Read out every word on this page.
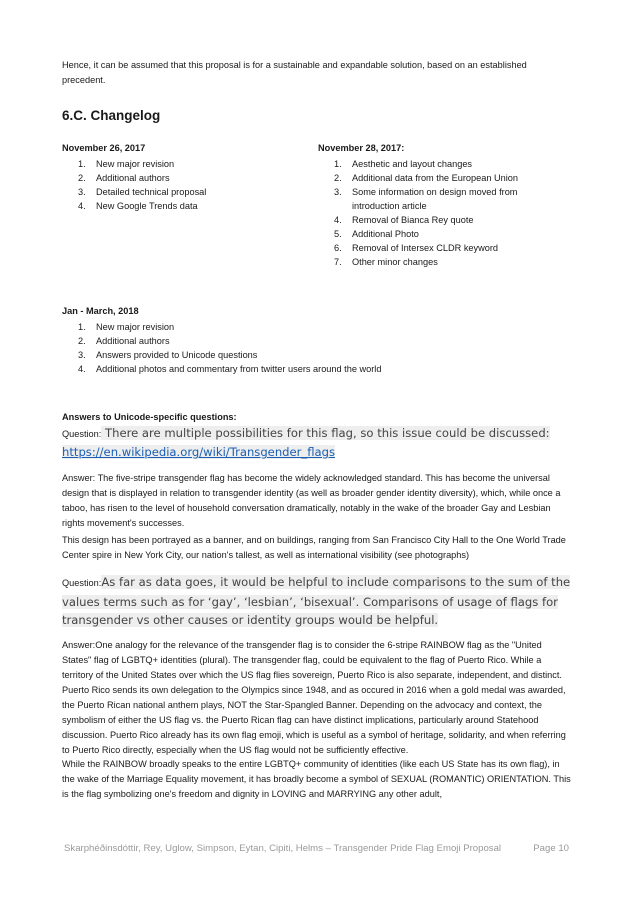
Hence, it can be assumed that this proposal is for a sustainable and expandable solution, based on an established precedent.

6.C. Changelog

November 26, 2017

1. New major revision
2. Additional authors
3. Detailed technical proposal
4. New Google Trends data

November 28, 2017:

1. Aesthetic and layout changes
2. Additional data from the European Union
3. Some information on design moved from introduction article
4. Removal of Bianca Rey quote
5. Additional Photo
6. Removal of Intersex CLDR keyword
7. Other minor changes

Jan - March, 2018

1. New major revision
2. Additional authors
3. Answers provided to Unicode questions
4. Additional photos and commentary from twitter users around the world

Answers to Unicode-specific questions:

Question: There are multiple possibilities for this flag, so this issue could be discussed: https://en.wikipedia.org/wiki/Transgender_flags

Answer: The five-stripe transgender flag has become the widely acknowledged standard. This has become the universal design that is displayed in relation to transgender identity (as well as broader gender identity diversity), which, while once a taboo, has risen to the level of household conversation dramatically, notably in the wake of the broader Gay and Lesbian rights movement's successes.

This design has been portrayed as a banner, and on buildings, ranging from San Francisco City Hall to the One World Trade Center spire in New York City, our nation's tallest, as well as international visibility (see photographs)

Question:As far as data goes, it would be helpful to include comparisons to the sum of the values terms such as for ‘gay’, ‘lesbian’, ‘bisexual’. Comparisons of usage of flags for transgender vs other causes or identity groups would be helpful.

Answer:One analogy for the relevance of the transgender flag is to consider the 6-stripe RAINBOW flag as the "United States" flag of LGBTQ+ identities (plural). The transgender flag, could be equivalent to the flag of Puerto Rico. While a territory of the United States over which the US flag flies sovereign, Puerto Rico is also separate, independent, and distinct. Puerto Rico sends its own delegation to the Olympics since 1948, and as occured in 2016 when a gold medal was awarded, the Puerto Rican national anthem plays, NOT the Star-Spangled Banner. Depending on the advocacy and context, the symbolism of either the US flag vs. the Puerto Rican flag can have distinct implications, particularly around Statehood discussion. Puerto Rico already has its own flag emoji, which is useful as a symbol of heritage, solidarity, and when referring to Puerto Rico directly, especially when the US flag would not be sufficiently effective.

While the RAINBOW broadly speaks to the entire LGBTQ+ community of identities (like each US State has its own flag), in the wake of the Marriage Equality movement, it has broadly become a symbol of SEXUAL (ROMANTIC) ORIENTATION. This is the flag symbolizing one's freedom and dignity in LOVING and MARRYING any other adult,

Skarphéðinsdóttir, Rey, Uglow, Simpson, Eytan, Cipiti, Helms – Transgender Pride Flag Emoji Proposal	Page 10
